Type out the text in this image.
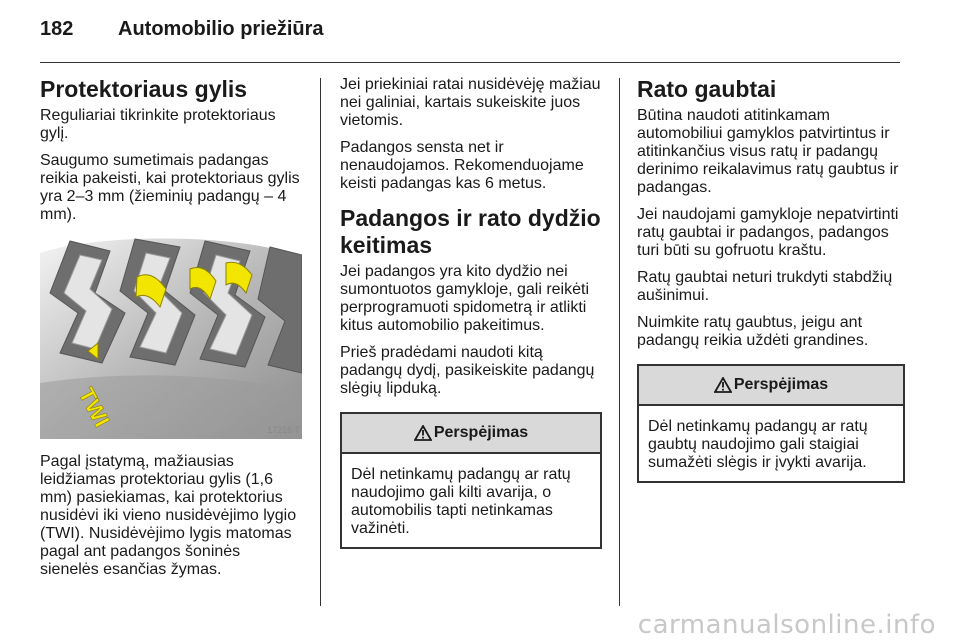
182	Automobilio priežiūra
Protektoriaus gylis

Reguliariai tikrinkite protektoriaus gylį.

Saugumo sumetimais padangas reikia pakeisti, kai protektoriaus gylis yra 2–3 mm (žieminių padangų – 4 mm).

TWI	17216 T

Pagal įstatymą, mažiausias leidžiamas protektoriau gylis (1,6 mm) pasiekiamas, kai protektorius nusidėvi iki vieno nusidėvėjimo lygio (TWI). Nusidėvėjimo lygis matomas pagal ant padangos šoninės sienelės esančias žymas.

Jei priekiniai ratai nusidėvėję mažiau nei galiniai, kartais sukeiskite juos vietomis.

Padangos sensta net ir nenaudojamos. Rekomenduojame keisti padangas kas 6 metus.

Padangos ir rato dydžio keitimas

Jei padangos yra kito dydžio nei sumontuotos gamykloje, gali reikėti perprogramuoti spidometrą ir atlikti kitus automobilio pakeitimus.

Prieš pradėdami naudoti kitą padangų dydį, pasikeiskite padangų slėgių lipduką.

Perspėjimas
Dėl netinkamų padangų ar ratų naudojimo gali kilti avarija, o automobilis tapti netinkamas važinėti.
Rato gaubtai

Būtina naudoti atitinkamam automobiliui gamyklos patvirtintus ir atitinkančius visus ratų ir padangų derinimo reikalavimus ratų gaubtus ir padangas.

Jei naudojami gamykloje nepatvirtinti ratų gaubtai ir padangos, padangos turi būti su gofruotu kraštu.

Ratų gaubtai neturi trukdyti stabdžių aušinimui.

Nuimkite ratų gaubtus, jeigu ant padangų reikia uždėti grandines.

Perspėjimas
Dėl netinkamų padangų ar ratų gaubtų naudojimo gali staigiai sumažėti slėgis ir įvykti avarija.
carmanualsonline.info
